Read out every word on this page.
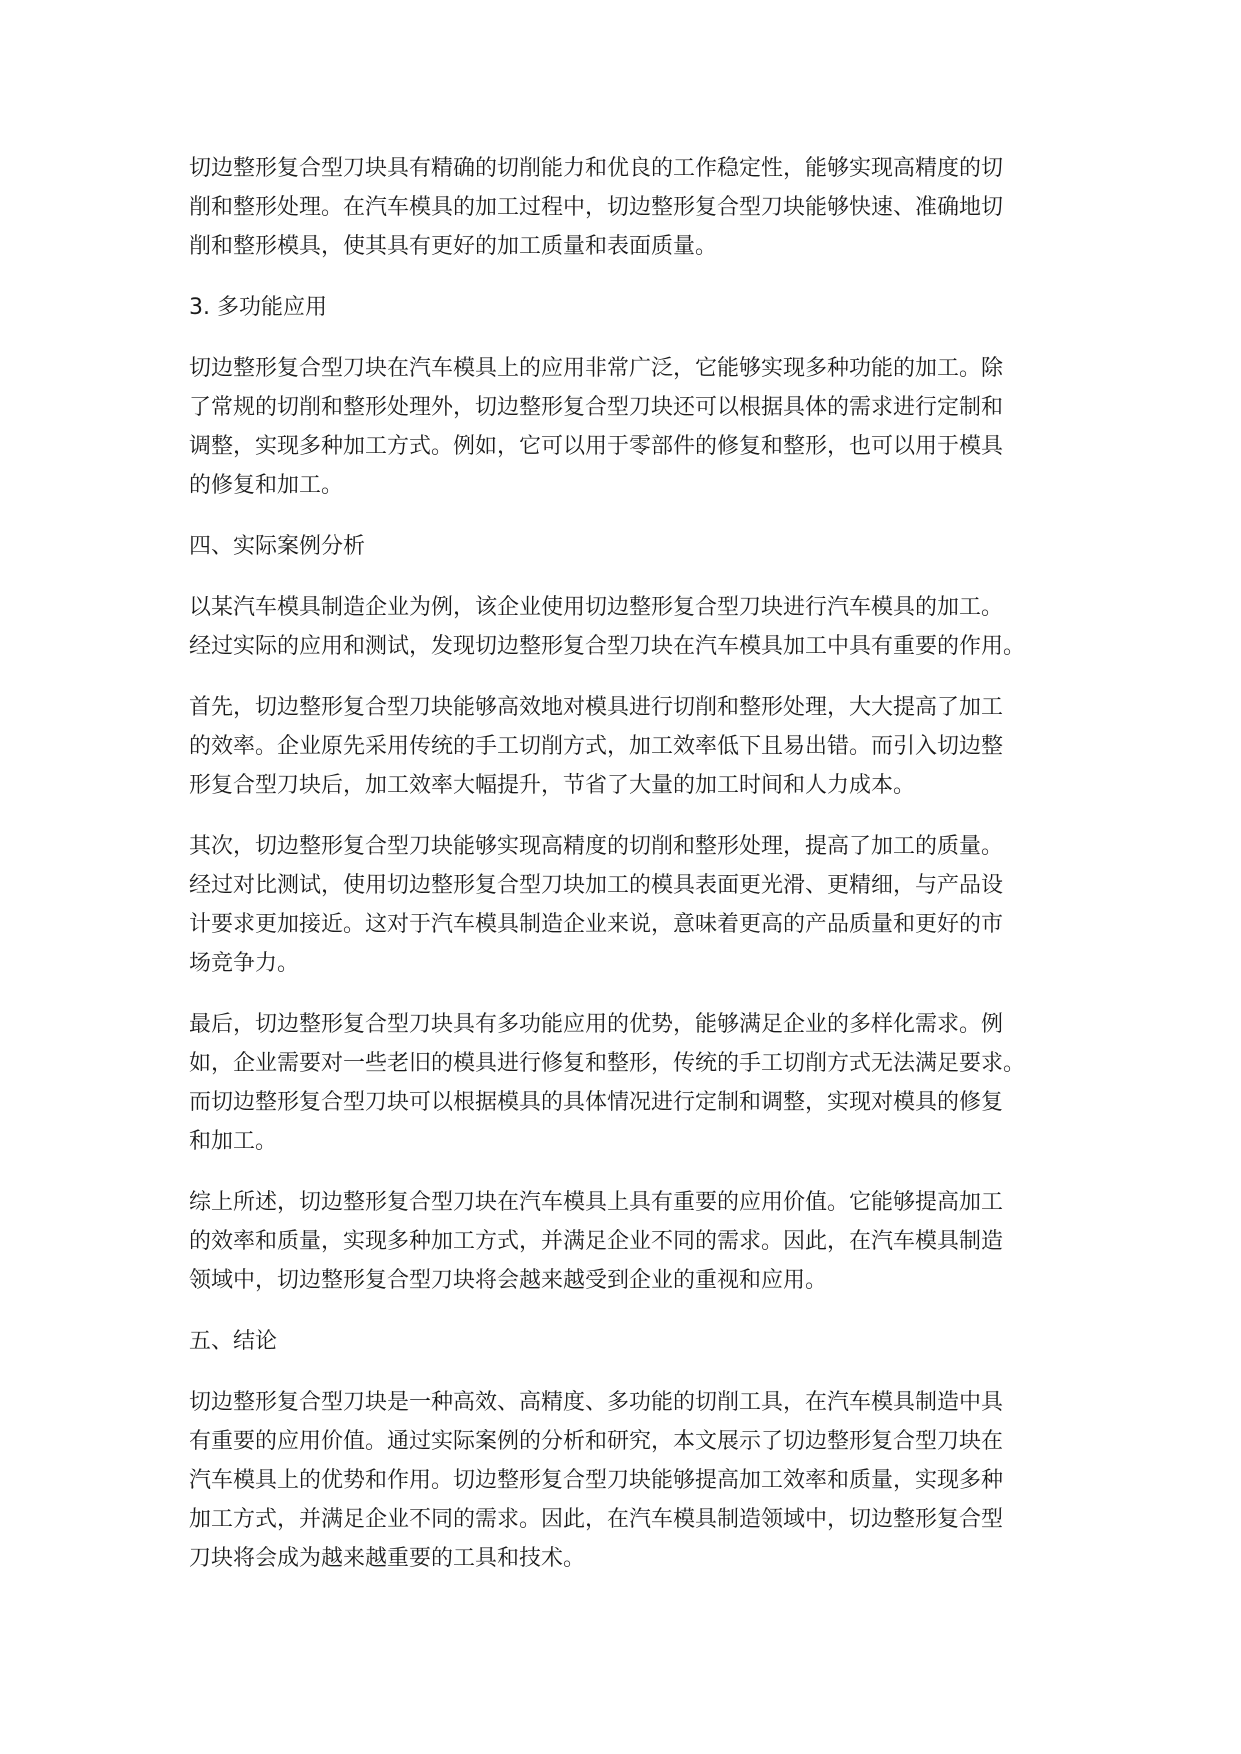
切边整形复合型刀块具有精确的切削能力和优良的工作稳定性，能够实现高精度的切
削和整形处理。在汽车模具的加工过程中，切边整形复合型刀块能够快速、准确地切
削和整形模具，使其具有更好的加工质量和表面质量。
3. 多功能应用
切边整形复合型刀块在汽车模具上的应用非常广泛，它能够实现多种功能的加工。除
了常规的切削和整形处理外，切边整形复合型刀块还可以根据具体的需求进行定制和
调整，实现多种加工方式。例如，它可以用于零部件的修复和整形，也可以用于模具
的修复和加工。
四、实际案例分析
以某汽车模具制造企业为例，该企业使用切边整形复合型刀块进行汽车模具的加工。
经过实际的应用和测试，发现切边整形复合型刀块在汽车模具加工中具有重要的作用。
首先，切边整形复合型刀块能够高效地对模具进行切削和整形处理，大大提高了加工
的效率。企业原先采用传统的手工切削方式，加工效率低下且易出错。而引入切边整
形复合型刀块后，加工效率大幅提升，节省了大量的加工时间和人力成本。
其次，切边整形复合型刀块能够实现高精度的切削和整形处理，提高了加工的质量。
经过对比测试，使用切边整形复合型刀块加工的模具表面更光滑、更精细，与产品设
计要求更加接近。这对于汽车模具制造企业来说，意味着更高的产品质量和更好的市
场竞争力。
最后，切边整形复合型刀块具有多功能应用的优势，能够满足企业的多样化需求。例
如，企业需要对一些老旧的模具进行修复和整形，传统的手工切削方式无法满足要求。
而切边整形复合型刀块可以根据模具的具体情况进行定制和调整，实现对模具的修复
和加工。
综上所述，切边整形复合型刀块在汽车模具上具有重要的应用价值。它能够提高加工
的效率和质量，实现多种加工方式，并满足企业不同的需求。因此，在汽车模具制造
领域中，切边整形复合型刀块将会越来越受到企业的重视和应用。
五、结论
切边整形复合型刀块是一种高效、高精度、多功能的切削工具，在汽车模具制造中具
有重要的应用价值。通过实际案例的分析和研究，本文展示了切边整形复合型刀块在
汽车模具上的优势和作用。切边整形复合型刀块能够提高加工效率和质量，实现多种
加工方式，并满足企业不同的需求。因此，在汽车模具制造领域中，切边整形复合型
刀块将会成为越来越重要的工具和技术。
